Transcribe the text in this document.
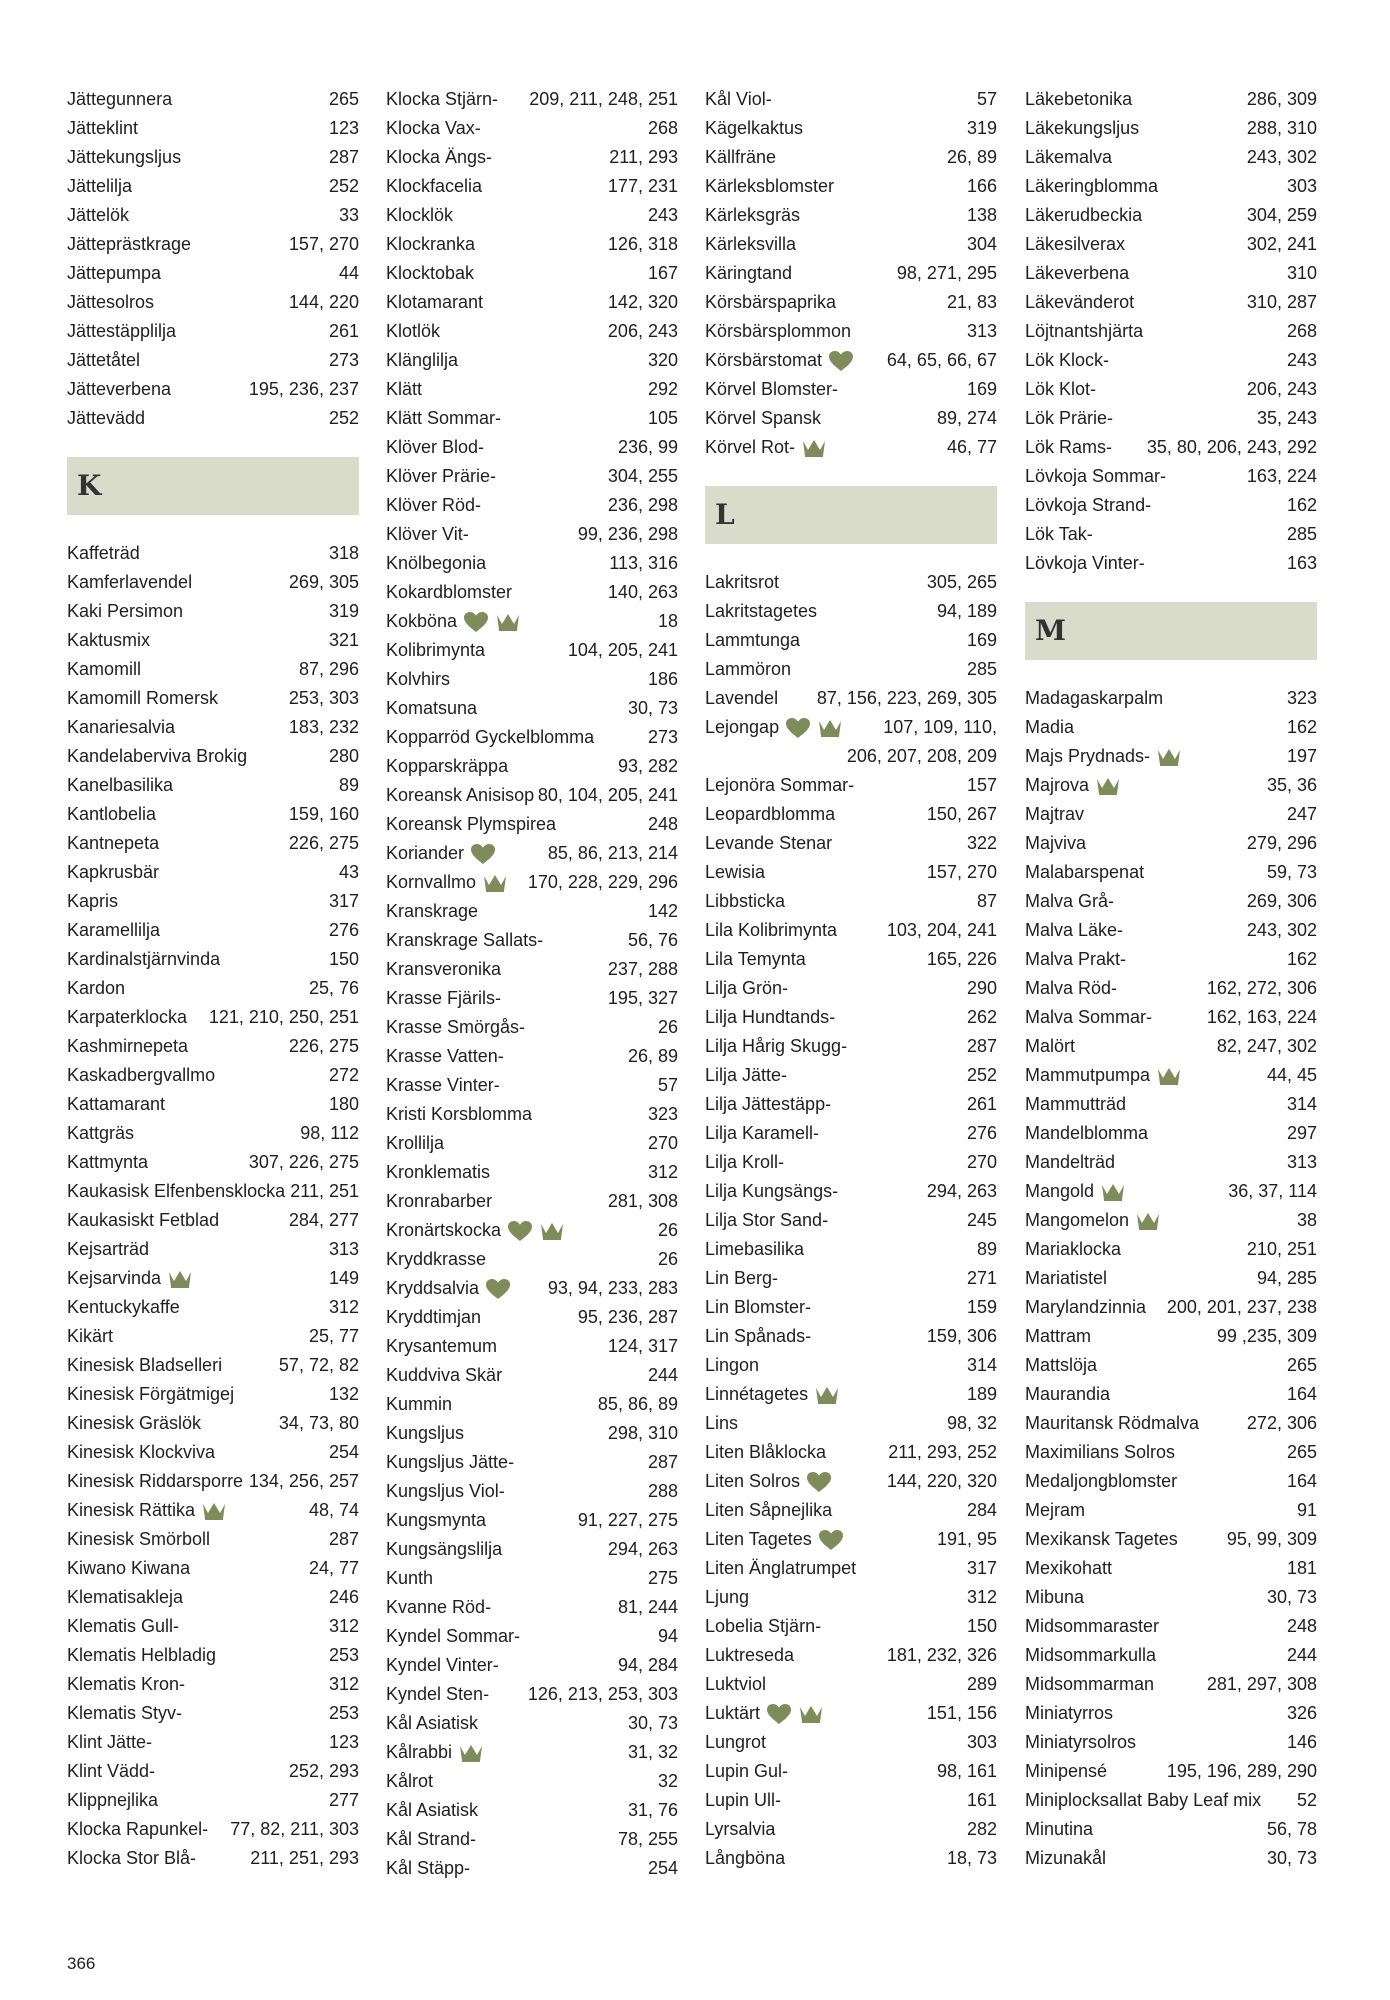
Jättegunnera	265
Jätteklint	123
Jättekungsljus	287
Jättelilja	252
Jättelök	33
Jätteprästkrage	157, 270
Jättepumpa	44
Jättesolros	144, 220
Jättestäpplilja	261
Jättetåtel	273
Jätteverbena	195, 236, 237
Jättevädd	252
K
Kaffeträd	318
Kamferlavendel	269, 305
Kaki Persimon	319
Kaktusmix	321
Kamomill	87, 296
Kamomill Romersk	253, 303
Kanariesalvia	183, 232
Kandelaberviva Brokig	280
Kanelbasilika	89
Kantlobelia	159, 160
Kantnepeta	226, 275
Kapkrusbär	43
Kapris	317
Karamellilja	276
Kardinalstjärnvinda	150
Kardon	25, 76
Karpaterklocka 121, 210, 250, 251
Kashmirnepeta	226, 275
Kaskadbergvallmo	272
Kattamarant	180
Kattgräs	98, 112
Kattmynta	307, 226, 275
Kaukasisk Elfenbensklocka 211, 251
Kaukasiskt Fetblad	284, 277
Kejsarträd	313
Kejsarvinda	149
Kentuckykaffe	312
Kikärt	25, 77
Kinesisk Bladselleri	57, 72, 82
Kinesisk Förgätmigej	132
Kinesisk Gräslök	34, 73, 80
Kinesisk Klockviva	254
Kinesisk Riddarsporre 134, 256, 257
Kinesisk Rättika	48, 74
Kinesisk Smörboll	287
Kiwano Kiwana	24, 77
Klematisakleja	246
Klematis Gull-	312
Klematis Helbladig	253
Klematis Kron-	312
Klematis Styv-	253
Klint Jätte-	123
Klint Vädd-	252, 293
Klippnejlika	277
Klocka Rapunkel- 77, 82, 211, 303
Klocka Stor Blå-	211, 251, 293
Klocka Stjärn- 209, 211, 248, 251
Klocka Vax-	268
Klocka Ängs-	211, 293
Klockfacelia	177, 231
Klocklök	243
Klockranka	126, 318
Klocktobak	167
Klotamarant	142, 320
Klotlök	206, 243
Klänglilja	320
Klätt	292
Klätt Sommar-	105
Klöver Blod-	236, 99
Klöver Prärie-	304, 255
Klöver Röd-	236, 298
Klöver Vit-	99, 236, 298
Knölbegonia	113, 316
Kokardblomster	140, 263
Kokböna	18
Kolibrimynta	104, 205, 241
Kolvhirs	186
Komatsuna	30, 73
Kopparröd Gyckelblomma	273
Kopparskräppa	93, 282
Koreansk Anisisop 80, 104, 205, 241
Koreansk Plymspirea	248
Koriander	85, 86, 213, 214
Kornvallmo	170, 228, 229, 296
Kranskrage	142
Kranskrage Sallats-	56, 76
Kransveronika	237, 288
Krasse Fjärils-	195, 327
Krasse Smörgås-	26
Krasse Vatten-	26, 89
Krasse Vinter-	57
Kristi Korsblomma	323
Krollilja	270
Kronklematis	312
Kronrabarber	281, 308
Kronärtskocka	26
Kryddkrasse	26
Kryddsalvia	93, 94, 233, 283
Kryddtimjan	95, 236, 287
Krysantemum	124, 317
Kuddviva Skär	244
Kummin	85, 86, 89
Kungsljus	298, 310
Kungsljus Jätte-	287
Kungsljus Viol-	288
Kungsmynta	91, 227, 275
Kungsängslilja	294, 263
Kunth	275
Kvanne Röd-	81, 244
Kyndel Sommar-	94
Kyndel Vinter-	94, 284
Kyndel Sten- 126, 213, 253, 303
Kål Asiatisk	30, 73
Kålrabbi	31, 32
Kålrot	32
Kål Asiatisk	31, 76
Kål Strand-	78, 255
Kål Stäpp-	254
Kål Viol-	57
Kägelkaktus	319
Källfräne	26, 89
Kärleksblomster	166
Kärleksgräs	138
Kärleksvilla	304
Käringtand	98, 271, 295
Körsbärspaprika	21, 83
Körsbärsplommon	313
Körsbärstomat	64, 65, 66, 67
Körvel Blomster-	169
Körvel Spansk	89, 274
Körvel Rot-	46, 77
L
Lakritsrot	305, 265
Lakritstagetes	94, 189
Lammtunga	169
Lammöron	285
Lavendel 87, 156, 223, 269, 305
Lejongap	107, 109, 110,
206, 207, 208, 209
Lejonöra Sommar-	157
Leopardblomma	150, 267
Levande Stenar	322
Lewisia	157, 270
Libbsticka	87
Lila Kolibrimynta	103, 204, 241
Lila Temynta	165, 226
Lilja Grön-	290
Lilja Hundtands-	262
Lilja Hårig Skugg-	287
Lilja Jätte-	252
Lilja Jättestäpp-	261
Lilja Karamell-	276
Lilja Kroll-	270
Lilja Kungsängs-	294, 263
Lilja Stor Sand-	245
Limebasilika	89
Lin Berg-	271
Lin Blomster-	159
Lin Spånads-	159, 306
Lingon	314
Linnétagetes	189
Lins	98, 32
Liten Blåklocka	211, 293, 252
Liten Solros	144, 220, 320
Liten Såpnejlika	284
Liten Tagetes	191, 95
Liten Änglatrumpet	317
Ljung	312
Lobelia Stjärn-	150
Luktreseda	181, 232, 326
Luktviol	289
Luktärt	151, 156
Lungrot	303
Lupin Gul-	98, 161
Lupin Ull-	161
Lyrsalvia	282
Långböna	18, 73
Läkebetonika	286, 309
Läkekungsljus	288, 310
Läkemalva	243, 302
Läkeringblomma	303
Läkerudbeckia	304, 259
Läkesilverax	302, 241
Läkeverbena	310
Läkevänderot	310, 287
Löjtnantshjärta	268
Lök Klock-	243
Lök Klot-	206, 243
Lök Prärie-	35, 243
Lök Rams- 35, 80, 206, 243, 292
Lövkoja Sommar-	163, 224
Lövkoja Strand-	162
Lök Tak-	285
Lövkoja Vinter-	163
M
Madagaskarpalm	323
Madia	162
Majs Prydnads-	197
Majrova	35, 36
Majtrav	247
Majviva	279, 296
Malabarspenat	59, 73
Malva Grå-	269, 306
Malva Läke-	243, 302
Malva Prakt-	162
Malva Röd-	162, 272, 306
Malva Sommar-	162, 163, 224
Malört	82, 247, 302
Mammutpumpa	44, 45
Mammutträd	314
Mandelblomma	297
Mandelträd	313
Mangold	36, 37, 114
Mangomelon	38
Mariaklocka	210, 251
Mariatistel	94, 285
Marylandzinnia 200, 201, 237, 238
Mattram	99 ,235, 309
Mattslöja	265
Maurandia	164
Mauritansk Rödmalva	272, 306
Maximilians Solros	265
Medaljongblomster	164
Mejram	91
Mexikansk Tagetes	95, 99, 309
Mexikohatt	181
Mibuna	30, 73
Midsommaraster	248
Midsommarkulla	244
Midsommarman	281, 297, 308
Miniatyrros	326
Miniatyrsolros	146
Minipensé	195, 196, 289, 290
Miniplocksallat Baby Leaf mix 52
Minutina	56, 78
Mizunakål	30, 73
366
